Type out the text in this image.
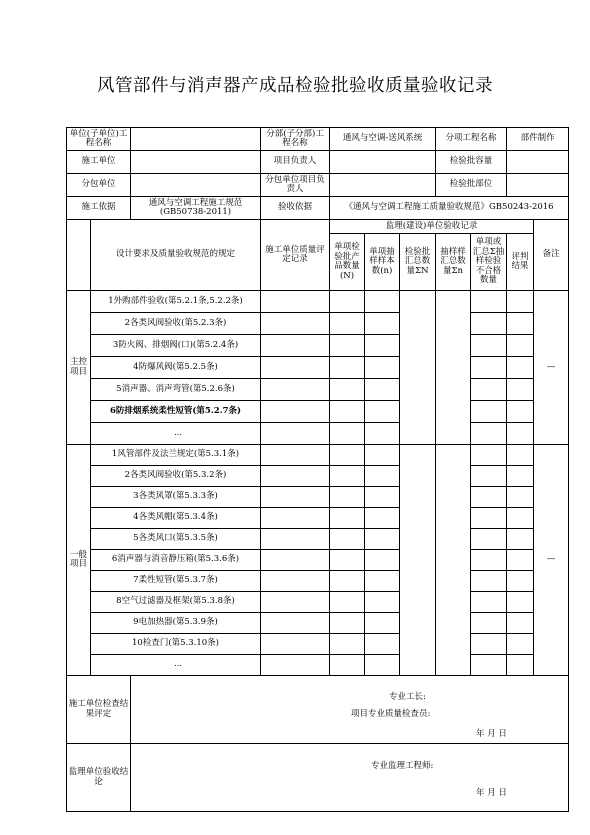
风管部件与消声器产成品检验批验收质量验收记录
单位(子单位)工程名称			分部(子分部)工程名称	通风与空调-送风系统			分项工程名称		部件制作	
施工单位			项目负责人				检验批容量			
分包单位			分包单位项目负责人				检验批部位			
施工依据		通风与空调工程施工规范(GB50738-2011)	验收依据	《通风与空调工程施工质量验收规范》GB50243-2016						
	设计要求及质量验收规范的规定		施工单位质量评定记录	监理(建设)单位验收记录						备注
				单项检验批产品数量(N)	单项抽样样本数(n)	检验批汇总数量ΣN	抽样样汇总数量Σn	单项或汇总Σ抽样检验不合格数量	评判结果	
主控项目	1外购部件验收(第5.2.1条,5.2.2条)									—
	2各类风阀验收(第5.2.3条)									
	3防火阀、排烟阀(口)(第5.2.4条)									
	4防爆风阀(第5.2.5条)									
	5消声器、消声弯管(第5.2.6条)									
	6防排烟系统柔性短管(第5.2.7条)									
	...									
一般项目	1风管部件及法兰规定(第5.3.1条)									—
	2各类风阀验收(第5.3.2条)									
	3各类风罩(第5.3.3条)									
	4各类风帽(第5.3.4条)									
	5各类风口(第5.3.5条)									
	6消声器与消音静压箱(第5.3.6条)									
	7柔性短管(第5.3.7条)									
	8空气过滤器及框架(第5.3.8条)									
	9电加热器(第5.3.9条)									
	10检查门(第5.3.10条)									
	...									
施工单位检查结果评定		专业工长:
项目专业质量检查员:
年 月 日								

监理单位验收结论		专业监理工程师:
年 月 日								
